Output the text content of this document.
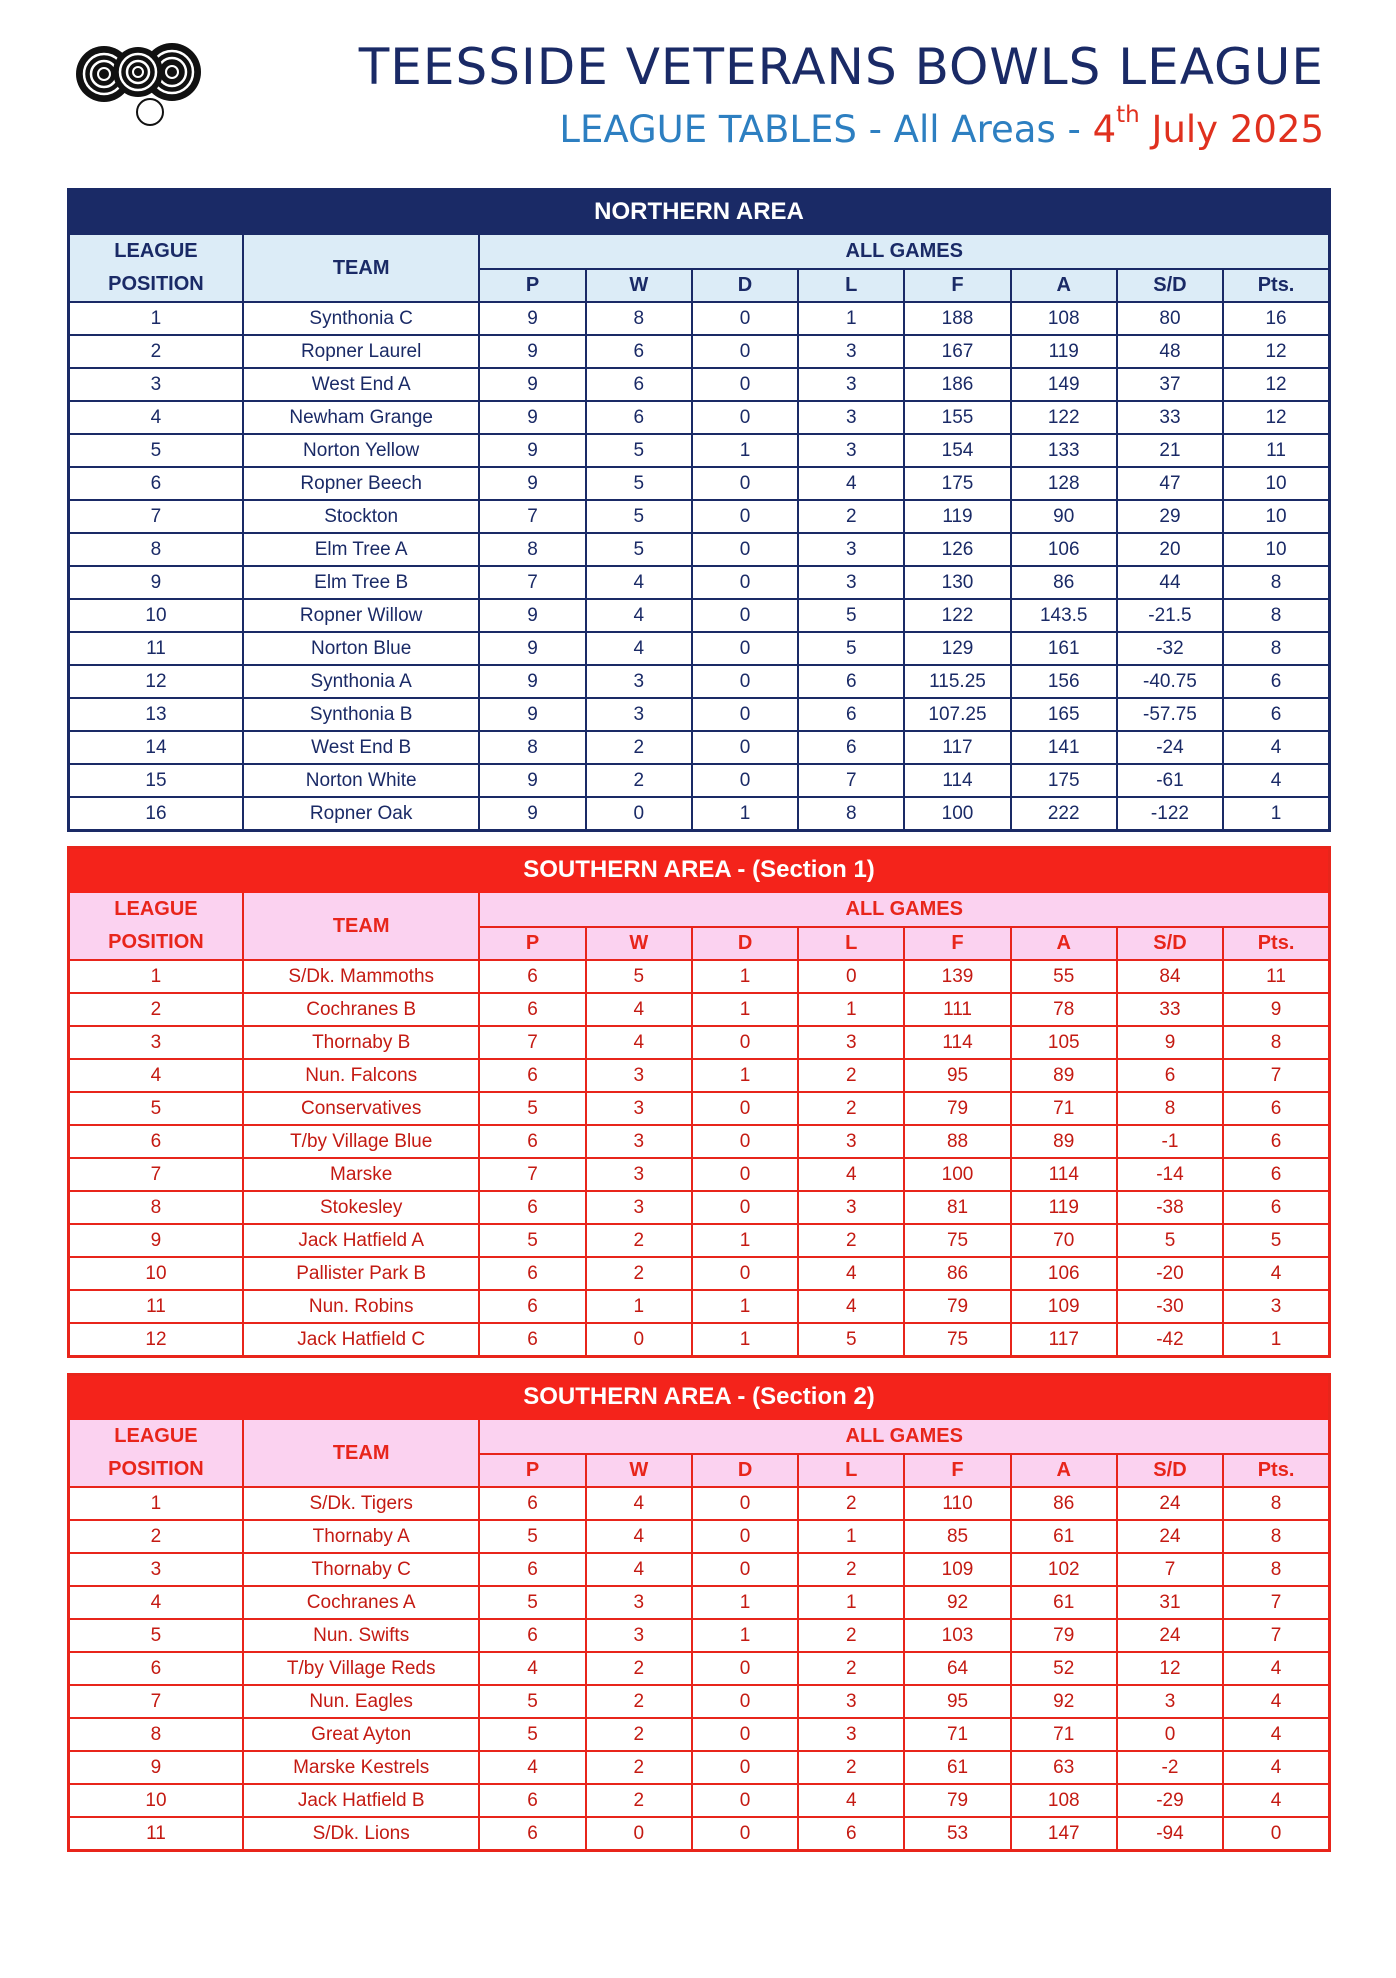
TEESSIDE VETERANS BOWLS LEAGUE
LEAGUE TABLES - All Areas - 4th July 2025
NORTHERN AREA									
LEAGUE POSITION	TEAM	ALL GAMES							
		P	W	D	L	F	A	S/D	Pts.
1	Synthonia C	9	8	0	1	188	108	80	16
2	Ropner Laurel	9	6	0	3	167	119	48	12
3	West End A	9	6	0	3	186	149	37	12
4	Newham Grange	9	6	0	3	155	122	33	12
5	Norton Yellow	9	5	1	3	154	133	21	11
6	Ropner Beech	9	5	0	4	175	128	47	10
7	Stockton	7	5	0	2	119	90	29	10
8	Elm Tree A	8	5	0	3	126	106	20	10
9	Elm Tree B	7	4	0	3	130	86	44	8
10	Ropner Willow	9	4	0	5	122	143.5	-21.5	8
11	Norton Blue	9	4	0	5	129	161	-32	8
12	Synthonia A	9	3	0	6	115.25	156	-40.75	6
13	Synthonia B	9	3	0	6	107.25	165	-57.75	6
14	West End B	8	2	0	6	117	141	-24	4
15	Norton White	9	2	0	7	114	175	-61	4
16	Ropner Oak	9	0	1	8	100	222	-122	1
SOUTHERN AREA - (Section 1)									
LEAGUE POSITION	TEAM	ALL GAMES							
		P	W	D	L	F	A	S/D	Pts.
1	S/Dk. Mammoths	6	5	1	0	139	55	84	11
2	Cochranes B	6	4	1	1	111	78	33	9
3	Thornaby B	7	4	0	3	114	105	9	8
4	Nun. Falcons	6	3	1	2	95	89	6	7
5	Conservatives	5	3	0	2	79	71	8	6
6	T/by Village Blue	6	3	0	3	88	89	-1	6
7	Marske	7	3	0	4	100	114	-14	6
8	Stokesley	6	3	0	3	81	119	-38	6
9	Jack Hatfield A	5	2	1	2	75	70	5	5
10	Pallister Park B	6	2	0	4	86	106	-20	4
11	Nun. Robins	6	1	1	4	79	109	-30	3
12	Jack Hatfield C	6	0	1	5	75	117	-42	1
SOUTHERN AREA - (Section 2)									
LEAGUE POSITION	TEAM	ALL GAMES							
		P	W	D	L	F	A	S/D	Pts.
1	S/Dk. Tigers	6	4	0	2	110	86	24	8
2	Thornaby A	5	4	0	1	85	61	24	8
3	Thornaby C	6	4	0	2	109	102	7	8
4	Cochranes A	5	3	1	1	92	61	31	7
5	Nun. Swifts	6	3	1	2	103	79	24	7
6	T/by Village Reds	4	2	0	2	64	52	12	4
7	Nun. Eagles	5	2	0	3	95	92	3	4
8	Great Ayton	5	2	0	3	71	71	0	4
9	Marske Kestrels	4	2	0	2	61	63	-2	4
10	Jack Hatfield B	6	2	0	4	79	108	-29	4
11	S/Dk. Lions	6	0	0	6	53	147	-94	0
